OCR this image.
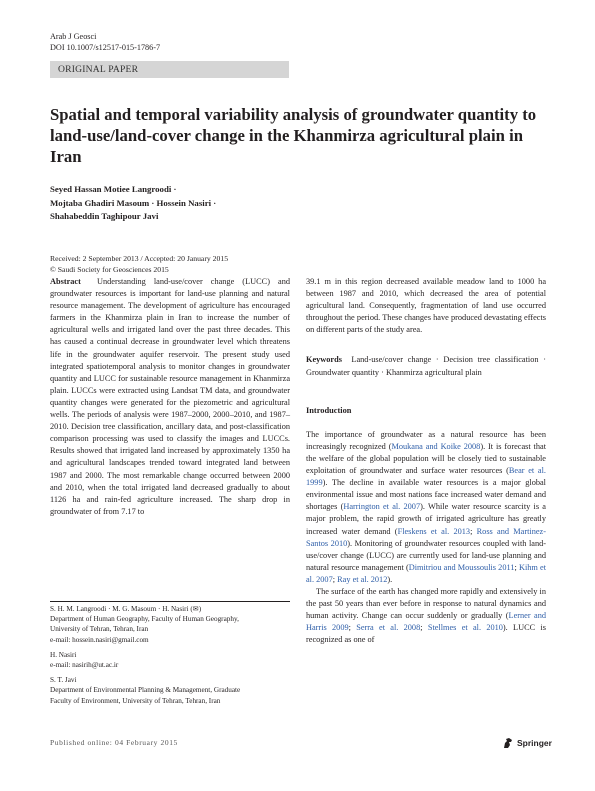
Arab J Geosci
DOI 10.1007/s12517-015-1786-7
ORIGINAL PAPER
Spatial and temporal variability analysis of groundwater quantity to land-use/land-cover change in the Khanmirza agricultural plain in Iran
Seyed Hassan Motiee Langroodi ·
Mojtaba Ghadiri Masoum · Hossein Nasiri ·
Shahabeddin Taghipour Javi
Received: 2 September 2013 / Accepted: 20 January 2015
© Saudi Society for Geosciences 2015

Abstract Understanding land-use/cover change (LUCC) and groundwater resources is important for land-use planning and natural resource management. The development of agriculture has encouraged farmers in the Khanmirza plain in Iran to increase the number of agricultural wells and irrigated land over the past three decades. This has caused a continual decrease in groundwater level which threatens life in the groundwater aquifer reservoir. The present study used integrated spatiotemporal analysis to monitor changes in groundwater quantity and LUCC for sustainable resource management in Khanmirza plain. LUCCs were extracted using Landsat TM data, and groundwater quantity changes were generated for the piezometric and agricultural wells. The periods of analysis were 1987–2000, 2000–2010, and 1987–2010. Decision tree classification, ancillary data, and post-classification comparison processing was used to classify the images and LUCCs. Results showed that irrigated land increased by approximately 1350 ha and agricultural landscapes trended toward integrated land between 1987 and 2000. The most remarkable change occurred between 2000 and 2010, when the total irrigated land decreased gradually to about 1126 ha and rain-fed agriculture increased. The sharp drop in groundwater of from 7.17 to

S. H. M. Langroodi · M. G. Masoum · H. Nasiri (✉)
Department of Human Geography, Faculty of Human Geography,
University of Tehran, Tehran, Iran
e-mail: hossein.nasiri@gmail.com

H. Nasiri
e-mail: nasirih@ut.ac.ir

S. T. Javi
Department of Environmental Planning & Management, Graduate
Faculty of Environment, University of Tehran, Tehran, Iran

39.1 m in this region decreased available meadow land to 1000 ha between 1987 and 2010, which decreased the area of potential agricultural land. Consequently, fragmentation of land use occurred throughout the period. These changes have produced devastating effects on different parts of the study area.

Keywords Land-use/cover change · Decision tree classification · Groundwater quantity · Khanmirza agricultural plain

Introduction

The importance of groundwater as a natural resource has been increasingly recognized (Moukana and Koike 2008). It is forecast that the welfare of the global population will be closely tied to sustainable exploitation of groundwater and surface water resources (Bear et al. 1999). The decline in available water resources is a major global environmental issue and most nations face increased water demand and shortages (Harrington et al. 2007). While water resource scarcity is a major problem, the rapid growth of irrigated agriculture has greatly increased water demand (Fleskens et al. 2013; Ross and Martinez-Santos 2010). Monitoring of groundwater resources coupled with land-use/cover change (LUCC) are currently used for land-use planning and natural resource management (Dimitriou and Moussoulis 2011; Kihm et al. 2007; Ray et al. 2012).

The surface of the earth has changed more rapidly and extensively in the past 50 years than ever before in response to natural dynamics and human activity. Change can occur suddenly or gradually (Lerner and Harris 2009; Serra et al. 2008; Stellmes et al. 2010). LUCC is recognized as one of

Published online: 04 February 2015	Springer
